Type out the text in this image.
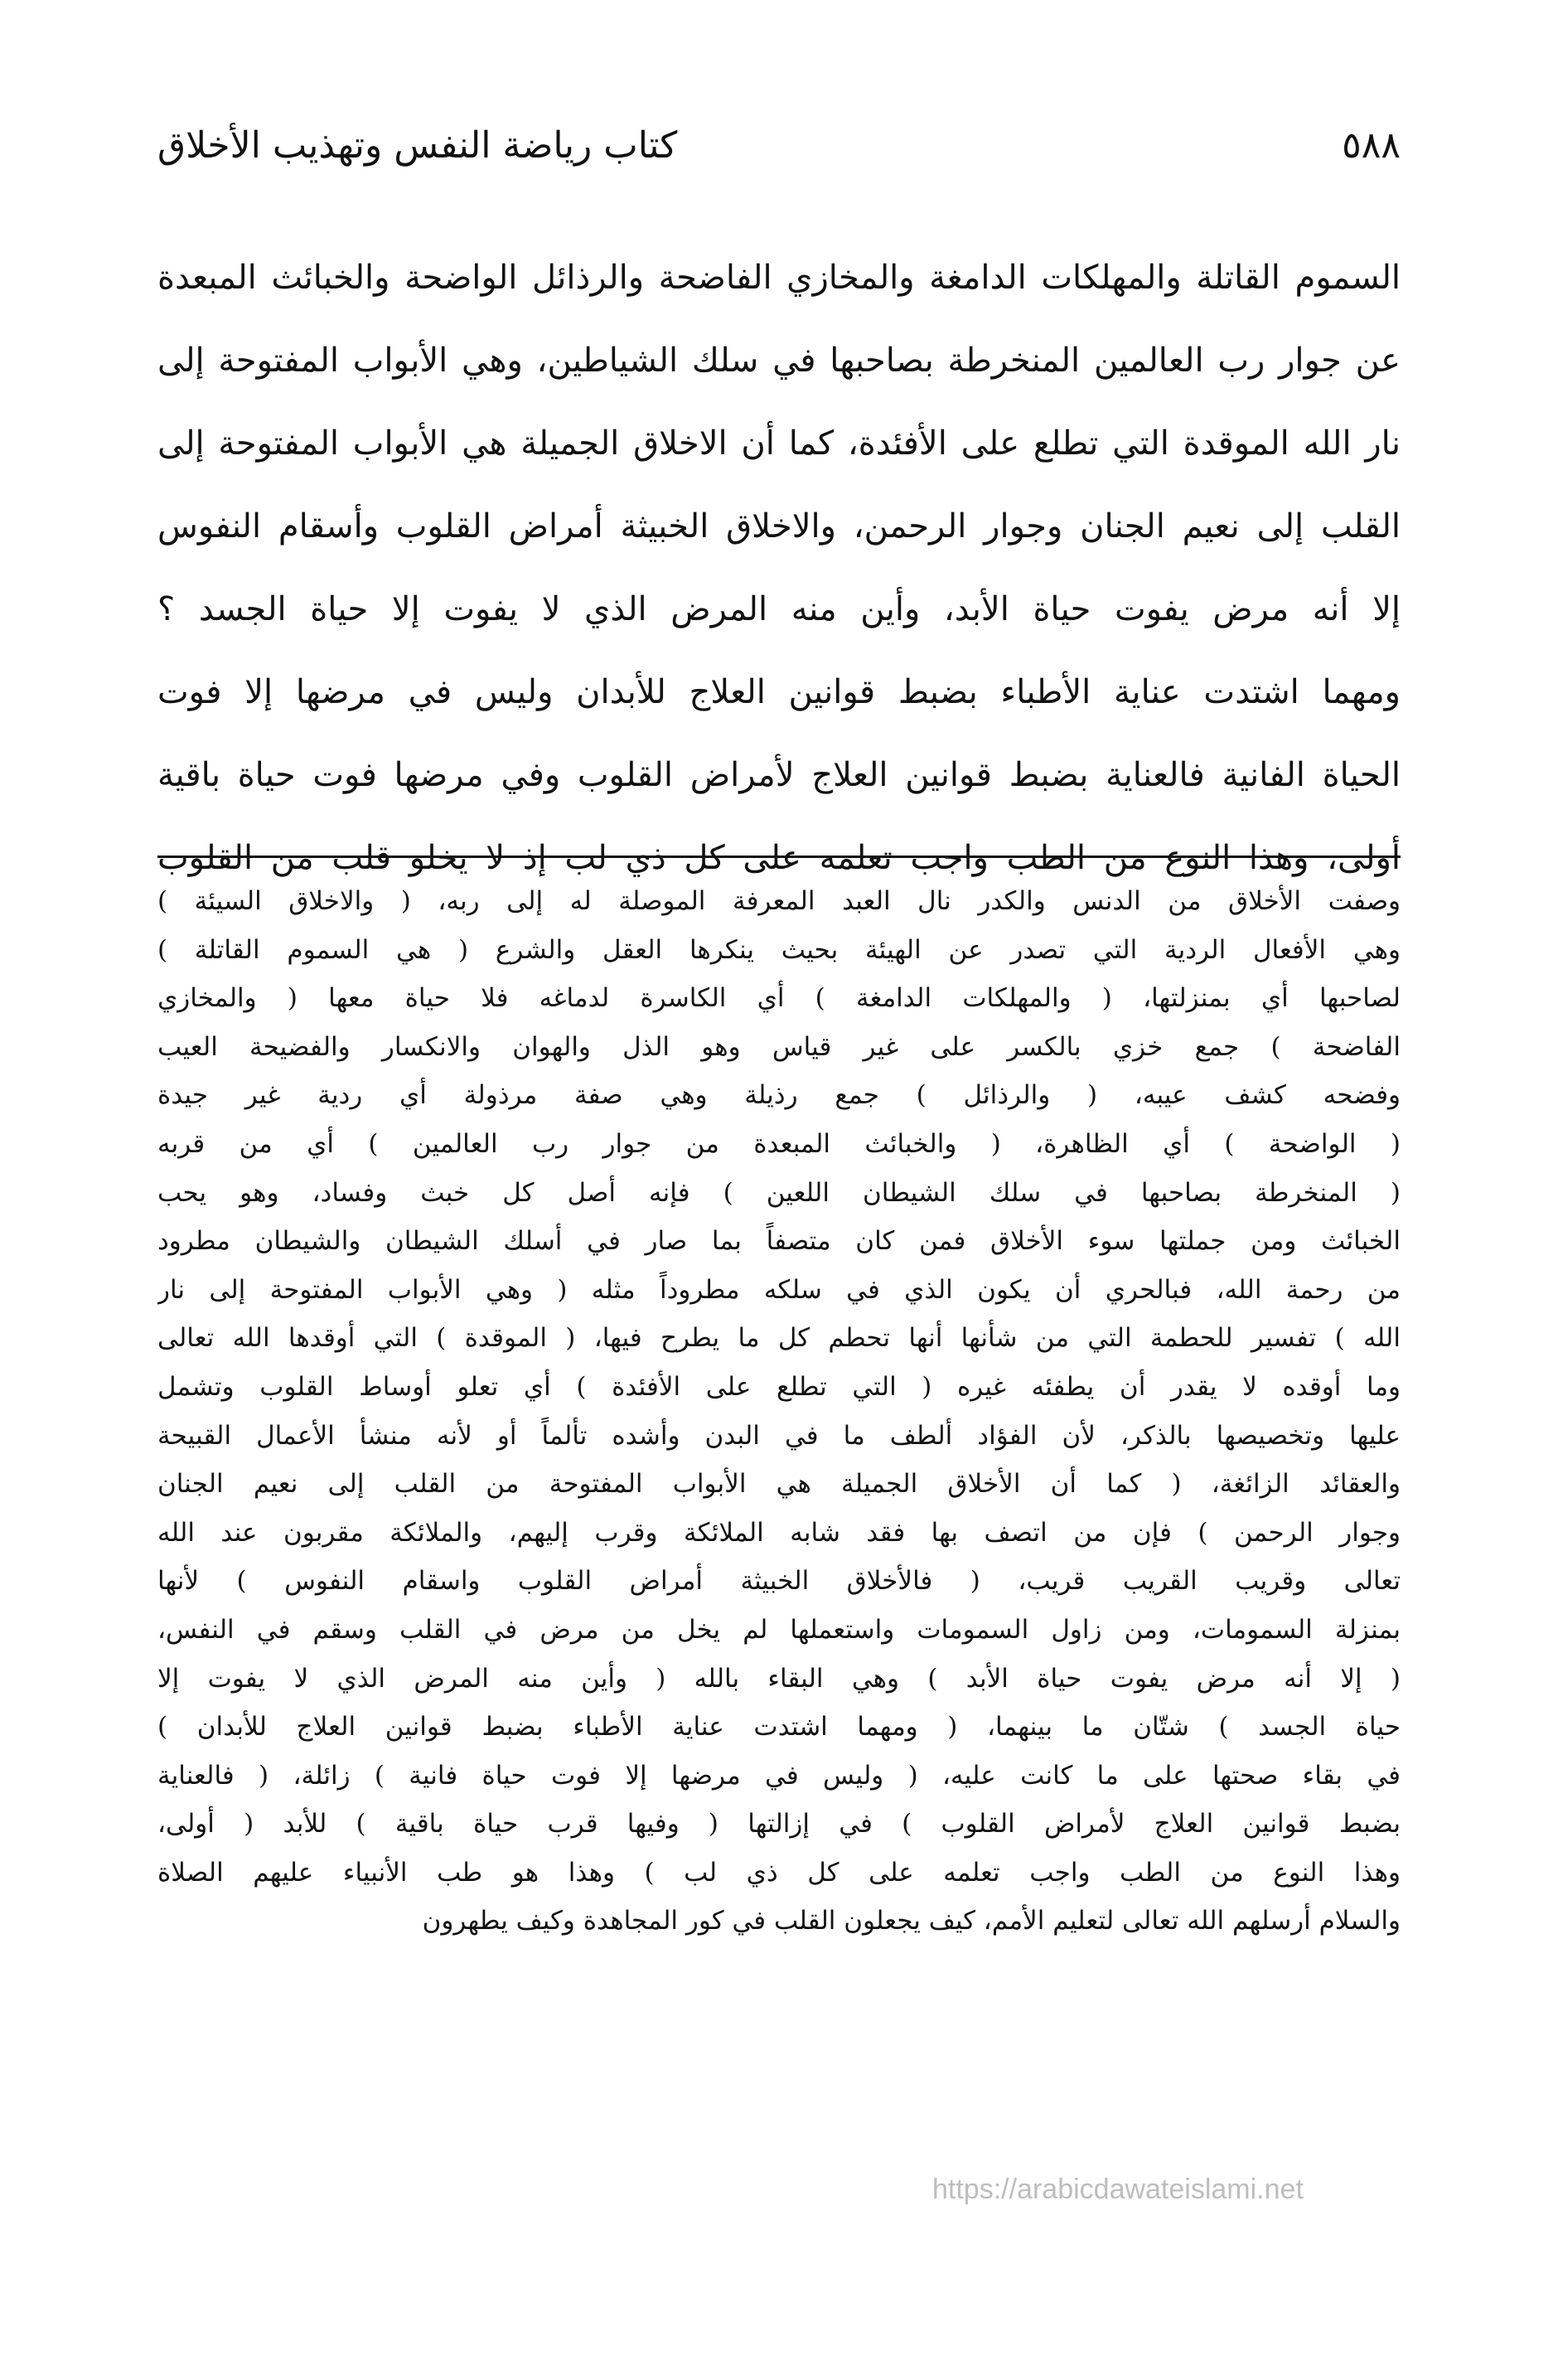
كتاب رياضة النفس وتهذيب الأخلاق	٥٨٨
السموم القاتلة والمهلكات الدامغة والمخازي الفاضحة والرذائل الواضحة والخبائث المبعدة
عن جوار رب العالمين المنخرطة بصاحبها في سلك الشياطين، وهي الأبواب المفتوحة إلى
نار الله الموقدة التي تطلع على الأفئدة، كما أن الاخلاق الجميلة هي الأبواب المفتوحة إلى
القلب إلى نعيم الجنان وجوار الرحمن، والاخلاق الخبيثة أمراض القلوب وأسقام النفوس
إلا أنه مرض يفوت حياة الأبد، وأين منه المرض الذي لا يفوت إلا حياة الجسد ؟
ومهما اشتدت عناية الأطباء بضبط قوانين العلاج للأبدان وليس في مرضها إلا فوت
الحياة الفانية فالعناية بضبط قوانين العلاج لأمراض القلوب وفي مرضها فوت حياة باقية
أولى، وهذا النوع من الطب واجب تعلمه على كل ذي لب إذ لا يخلو قلب من القلوب
وصفت الأخلاق من الدنس والكدر نال العبد المعرفة الموصلة له إلى ربه، ( والاخلاق السيئة )
وهي الأفعال الردية التي تصدر عن الهيئة بحيث ينكرها العقل والشرع ( هي السموم القاتلة )
لصاحبها أي بمنزلتها، ( والمهلكات الدامغة ) أي الكاسرة لدماغه فلا حياة معها ( والمخازي
الفاضحة ) جمع خزي بالكسر على غير قياس وهو الذل والهوان والانكسار والفضيحة العيب
وفضحه كشف عيبه، ( والرذائل ) جمع رذيلة وهي صفة مرذولة أي ردية غير جيدة
( الواضحة ) أي الظاهرة، ( والخبائث المبعدة من جوار رب العالمين ) أي من قربه
( المنخرطة بصاحبها في سلك الشيطان اللعين ) فإنه أصل كل خبث وفساد، وهو يحب
الخبائث ومن جملتها سوء الأخلاق فمن كان متصفاً بما صار في أسلك الشيطان والشيطان مطرود
من رحمة الله، فبالحري أن يكون الذي في سلكه مطروداً مثله ( وهي الأبواب المفتوحة إلى نار
الله ) تفسير للحطمة التي من شأنها أنها تحطم كل ما يطرح فيها، ( الموقدة ) التي أوقدها الله تعالى
وما أوقده لا يقدر أن يطفئه غيره ( التي تطلع على الأفئدة ) أي تعلو أوساط القلوب وتشمل
عليها وتخصيصها بالذكر، لأن الفؤاد ألطف ما في البدن وأشده تألماً أو لأنه منشأ الأعمال القبيحة
والعقائد الزائغة، ( كما أن الأخلاق الجميلة هي الأبواب المفتوحة من القلب إلى نعيم الجنان
وجوار الرحمن ) فإن من اتصف بها فقد شابه الملائكة وقرب إليهم، والملائكة مقربون عند الله
تعالى وقريب القريب قريب، ( فالأخلاق الخبيثة أمراض القلوب واسقام النفوس ) لأنها
بمنزلة السمومات، ومن زاول السمومات واستعملها لم يخل من مرض في القلب وسقم في النفس،
( إلا أنه مرض يفوت حياة الأبد ) وهي البقاء بالله ( وأين منه المرض الذي لا يفوت إلا
حياة الجسد ) شتّان ما بينهما، ( ومهما اشتدت عناية الأطباء بضبط قوانين العلاج للأبدان )
في بقاء صحتها على ما كانت عليه، ( وليس في مرضها إلا فوت حياة فانية ) زائلة، ( فالعناية
بضبط قوانين العلاج لأمراض القلوب ) في إزالتها ( وفيها قرب حياة باقية ) للأبد ( أولى،
وهذا النوع من الطب واجب تعلمه على كل ذي لب ) وهذا هو طب الأنبياء عليهم الصلاة
والسلام أرسلهم الله تعالى لتعليم الأمم، كيف يجعلون القلب في كور المجاهدة وكيف يطهرون
https://arabicdawateislami.net
